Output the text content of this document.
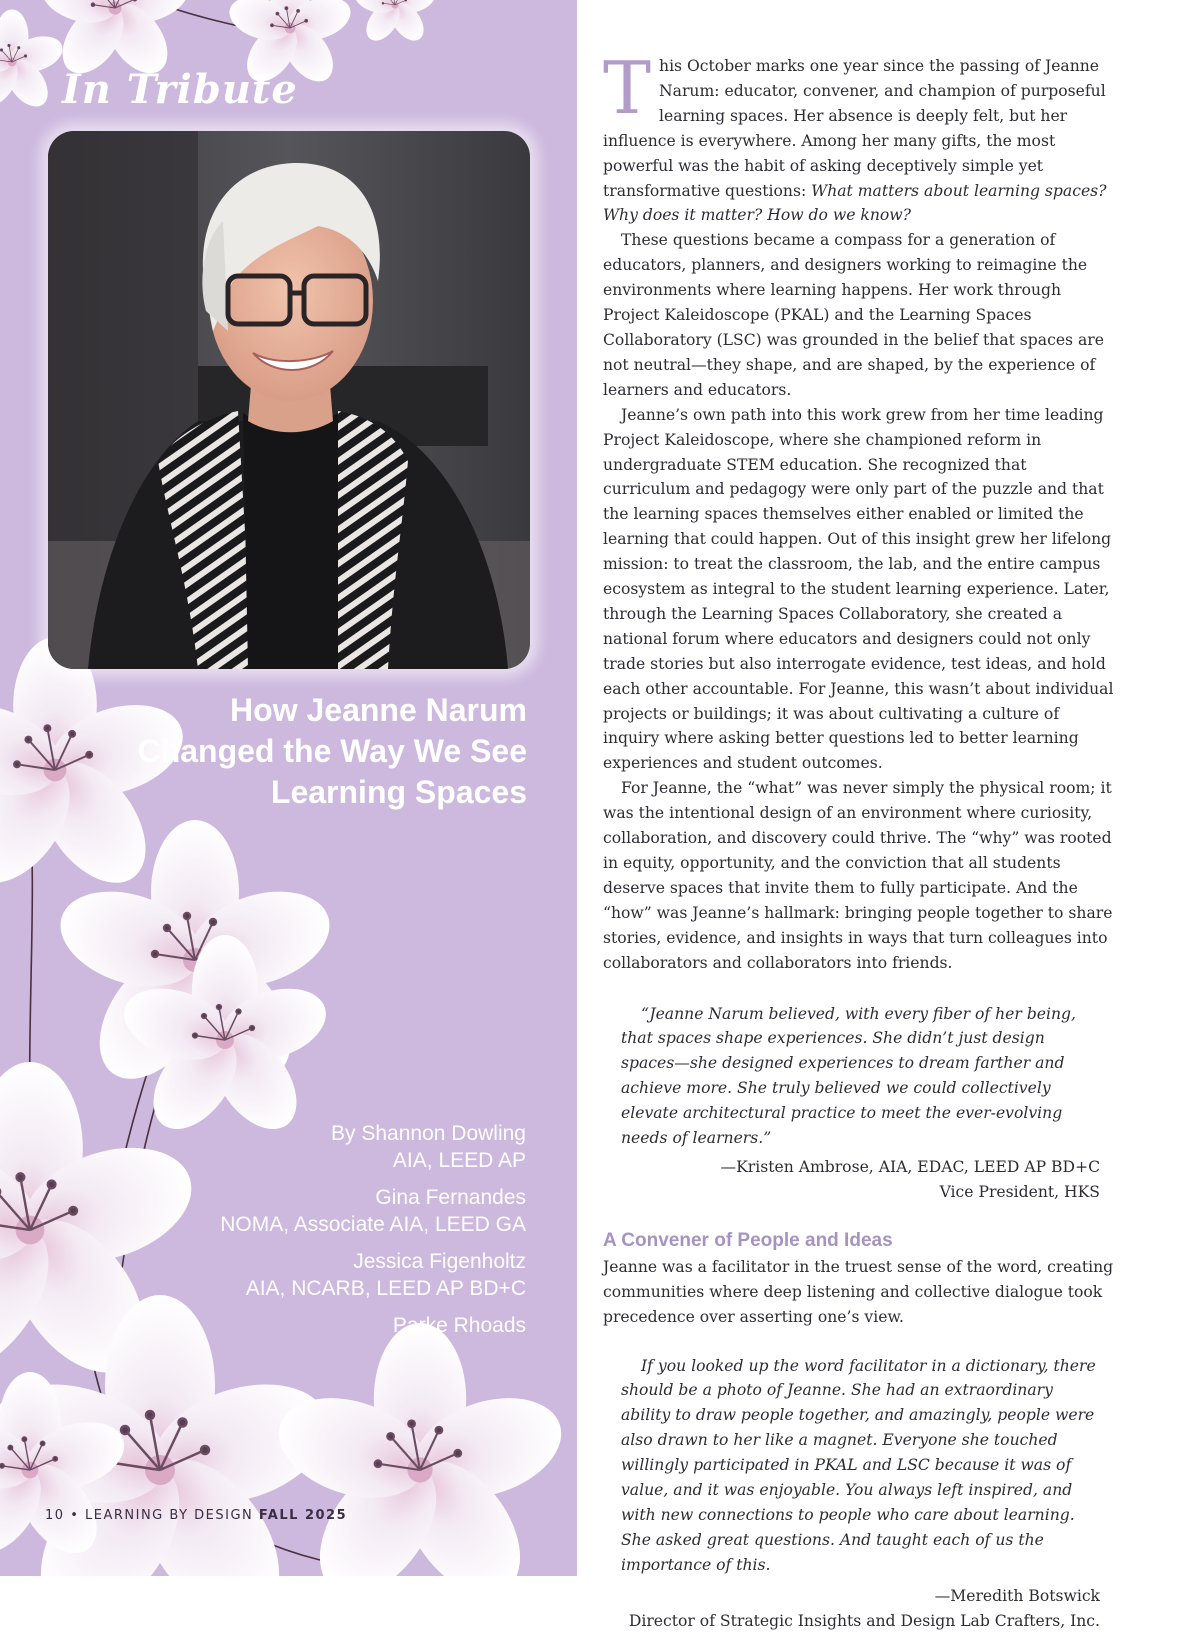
In Tribute
How Jeanne Narum
Changed the Way We See
Learning Spaces
By Shannon Dowling
AIA, LEED AP
Gina Fernandes
NOMA, Associate AIA, LEED GA
Jessica Figenholtz
AIA, NCARB, LEED AP BD+C
Parke Rhoads
10 • LEARNING BY DESIGN FALL 2025

This October marks one year since the passing of Jeanne Narum: educator, convener, and champion of purposeful learning spaces. Her absence is deeply felt, but her influence is everywhere. Among her many gifts, the most powerful was the habit of asking deceptively simple yet transformative questions: What matters about learning spaces? Why does it matter? How do we know?

These questions became a compass for a generation of educators, planners, and designers working to reimagine the environments where learning happens. Her work through Project Kaleidoscope (PKAL) and the Learning Spaces Collaboratory (LSC) was grounded in the belief that spaces are not neutral—they shape, and are shaped, by the experience of learners and educators.

Jeanne’s own path into this work grew from her time leading Project Kaleidoscope, where she championed reform in undergraduate STEM education. She recognized that curriculum and pedagogy were only part of the puzzle and that the learning spaces themselves either enabled or limited the learning that could happen. Out of this insight grew her lifelong mission: to treat the classroom, the lab, and the entire campus ecosystem as integral to the student learning experience. Later, through the Learning Spaces Collaboratory, she created a national forum where educators and designers could not only trade stories but also interrogate evidence, test ideas, and hold each other accountable. For Jeanne, this wasn’t about individual projects or buildings; it was about cultivating a culture of inquiry where asking better questions led to better learning experiences and student outcomes.

For Jeanne, the “what” was never simply the physical room; it was the intentional design of an environment where curiosity, collaboration, and discovery could thrive. The “why” was rooted in equity, opportunity, and the conviction that all students deserve spaces that invite them to fully participate. And the “how” was Jeanne’s hallmark: bringing people together to share stories, evidence, and insights in ways that turn colleagues into collaborators and collaborators into friends.

“Jeanne Narum believed, with every fiber of her being, that spaces shape experiences. She didn’t just design spaces—she designed experiences to dream farther and achieve more. She truly believed we could collectively elevate architectural practice to meet the ever-evolving needs of learners.”

—Kristen Ambrose, AIA, EDAC, LEED AP BD+C

Vice President, HKS

A Convener of People and Ideas

Jeanne was a facilitator in the truest sense of the word, creating communities where deep listening and collective dialogue took precedence over asserting one’s view.

If you looked up the word facilitator in a dictionary, there should be a photo of Jeanne. She had an extraordinary ability to draw people together, and amazingly, people were also drawn to her like a magnet. Everyone she touched willingly participated in PKAL and LSC because it was of value, and it was enjoyable. You always left inspired, and with new connections to people who care about learning. She asked great questions. And taught each of us the importance of this.

—Meredith Botswick

Director of Strategic Insights and Design Lab Crafters, Inc.
